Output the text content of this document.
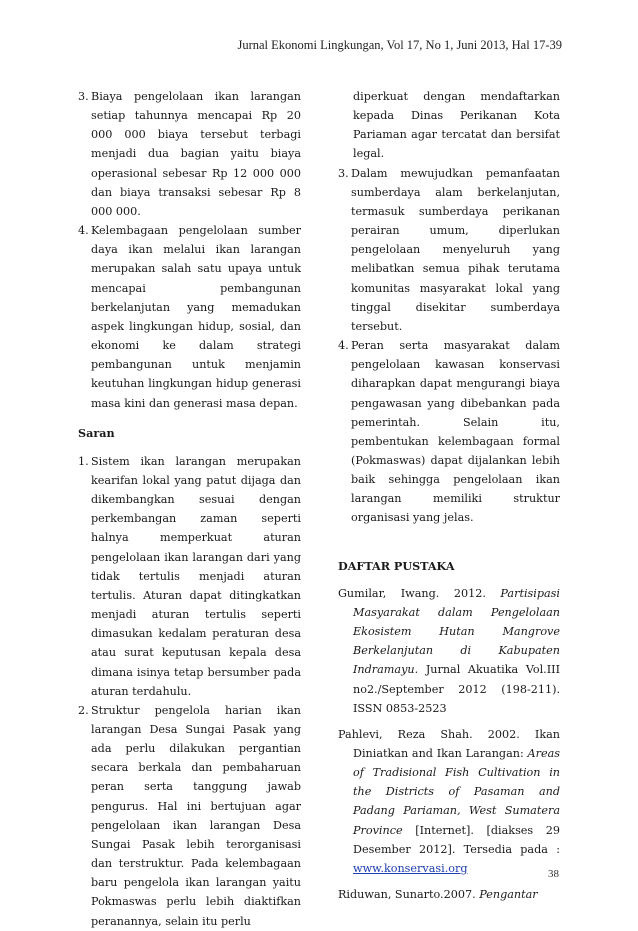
Jurnal Ekonomi Lingkungan, Vol 17, No 1, Juni 2013, Hal 17-39
3. Biaya pengelolaan ikan larangan setiap tahunnya mencapai Rp 20 000 000 biaya tersebut terbagi menjadi dua bagian yaitu biaya operasional sebesar Rp 12 000 000 dan biaya transaksi sebesar Rp 8 000 000.
4. Kelembagaan pengelolaan sumber daya ikan melalui ikan larangan merupakan salah satu upaya untuk mencapai pembangunan berkelanjutan yang memadukan aspek lingkungan hidup, sosial, dan ekonomi ke dalam strategi pembangunan untuk menjamin keutuhan lingkungan hidup generasi masa kini dan generasi masa depan.
Saran
1. Sistem ikan larangan merupakan kearifan lokal yang patut dijaga dan dikembangkan sesuai dengan perkembangan zaman seperti halnya memperkuat aturan pengelolaan ikan larangan dari yang tidak tertulis menjadi aturan tertulis. Aturan dapat ditingkatkan menjadi aturan tertulis seperti dimasukan kedalam peraturan desa atau surat keputusan kepala desa dimana isinya tetap bersumber pada aturan terdahulu.
2. Struktur pengelola harian ikan larangan Desa Sungai Pasak yang ada perlu dilakukan pergantian secara berkala dan pembaharuan peran serta tanggung jawab pengurus. Hal ini bertujuan agar pengelolaan ikan larangan Desa Sungai Pasak lebih terorganisasi dan terstruktur. Pada kelembagaan baru pengelola ikan larangan yaitu Pokmaswas perlu lebih diaktifkan peranannya, selain itu perlu
diperkuat dengan mendaftarkan kepada Dinas Perikanan Kota Pariaman agar tercatat dan bersifat legal.
3. Dalam mewujudkan pemanfaatan sumberdaya alam berkelanjutan, termasuk sumberdaya perikanan perairan umum, diperlukan pengelolaan menyeluruh yang melibatkan semua pihak terutama komunitas masyarakat lokal yang tinggal disekitar sumberdaya tersebut.
4. Peran serta masyarakat dalam pengelolaan kawasan konservasi diharapkan dapat mengurangi biaya pengawasan yang dibebankan pada pemerintah. Selain itu, pembentukan kelembagaan formal (Pokmaswas) dapat dijalankan lebih baik sehingga pengelolaan ikan larangan memiliki struktur organisasi yang jelas.
DAFTAR PUSTAKA
Gumilar, Iwang. 2012. Partisipasi Masyarakat dalam Pengelolaan Ekosistem Hutan Mangrove Berkelanjutan di Kabupaten Indramayu. Jurnal Akuatika Vol.III no2./September 2012 (198-211). ISSN 0853-2523
Pahlevi, Reza Shah. 2002. Ikan Diniatkan and Ikan Larangan: Areas of Tradisional Fish Cultivation in the Districts of Pasaman and Padang Pariaman, West Sumatera Province [Internet]. [diakses 29 Desember 2012]. Tersedia pada : www.konservasi.org
Riduwan, Sunarto.2007. Pengantar
38
